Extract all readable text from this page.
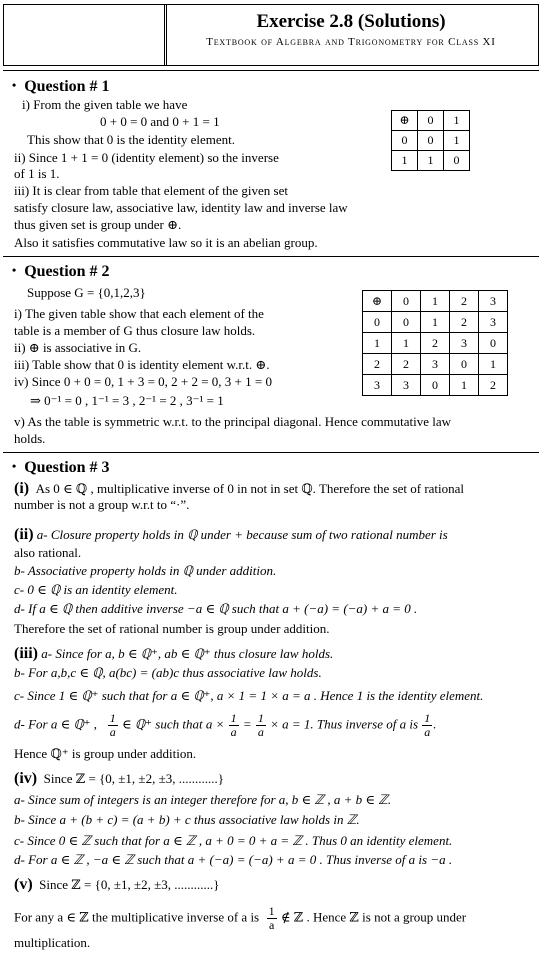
Exercise 2.8 (Solutions)
Textbook of Algebra and Trigonometry for Class XI
• Question # 1
i) From the given table we have
0 + 0 = 0 and 0 + 1 = 1
This show that 0 is the identity element.
ii) Since 1 + 1 = 0 (identity element) so the inverse
of 1 is 1.
iii) It is clear from table that element of the given set
satisfy closure law, associative law, identity law and inverse law
thus given set is group under ⊕.
Also it satisfies commutative law so it is an abelian group.
⊕	0	1
0	0	1
1	1	0
• Question # 2
Suppose G = {0,1,2,3}
i) The given table show that each element of the
table is a member of G thus closure law holds.
ii) ⊕ is associative in G.
iii) Table show that 0 is identity element w.r.t. ⊕.
iv) Since 0 + 0 = 0, 1 + 3 = 0, 2 + 2 = 0, 3 + 1 = 0
⇒ 0⁻¹ = 0 , 1⁻¹ = 3 , 2⁻¹ = 2 , 3⁻¹ = 1
v) As the table is symmetric w.r.t. to the principal diagonal. Hence commutative law
holds.
⊕	0	1	2	3
0	0	1	2	3
1	1	2	3	0
2	2	3	0	1
3	3	0	1	2
• Question # 3
(i) As 0 ∈ ℚ , multiplicative inverse of 0 in not in set ℚ. Therefore the set of rational
number is not a group w.r.t to “·”.
(ii) a- Closure property holds in ℚ under + because sum of two rational number is
also rational.
b- Associative property holds in ℚ under addition.
c- 0 ∈ ℚ is an identity element.
d- If a ∈ ℚ then additive inverse −a ∈ ℚ such that a + (−a) = (−a) + a = 0 .
Therefore the set of rational number is group under addition.
(iii) a- Since for a, b ∈ ℚ⁺, ab ∈ ℚ⁺ thus closure law holds.
b- For a,b,c ∈ ℚ, a(bc) = (ab)c thus associative law holds.
c- Since 1 ∈ ℚ⁺ such that for a ∈ ℚ⁺, a × 1 = 1 × a = a . Hence 1 is the identity element.
d- For a ∈ ℚ⁺ , $\frac{1}{a}$ ∈ ℚ⁺ such that $a \times \frac{1}{a} = \frac{1}{a} \times a = 1$. Thus inverse of a is $\frac{1}{a}$ .
Hence ℚ⁺ is group under addition.
(iv) Since ℤ = {0, ±1, ±2, ±3, ............}
a- Since sum of integers is an integer therefore for a, b ∈ ℤ , a + b ∈ ℤ.
b- Since a + (b + c) = (a + b) + c thus associative law holds in ℤ.
c- Since 0 ∈ ℤ such that for a ∈ ℤ , a + 0 = 0 + a = ℤ . Thus 0 an identity element.
d- For a ∈ ℤ , −a ∈ ℤ such that a + (−a) = (−a) + a = 0 . Thus inverse of a is −a .
(v) Since ℤ = {0, ±1, ±2, ±3, ............}
For any a ∈ ℤ the multiplicative inverse of a is $\frac{1}{a}$ ∉ ℤ . Hence ℤ is not a group under
multiplication.
